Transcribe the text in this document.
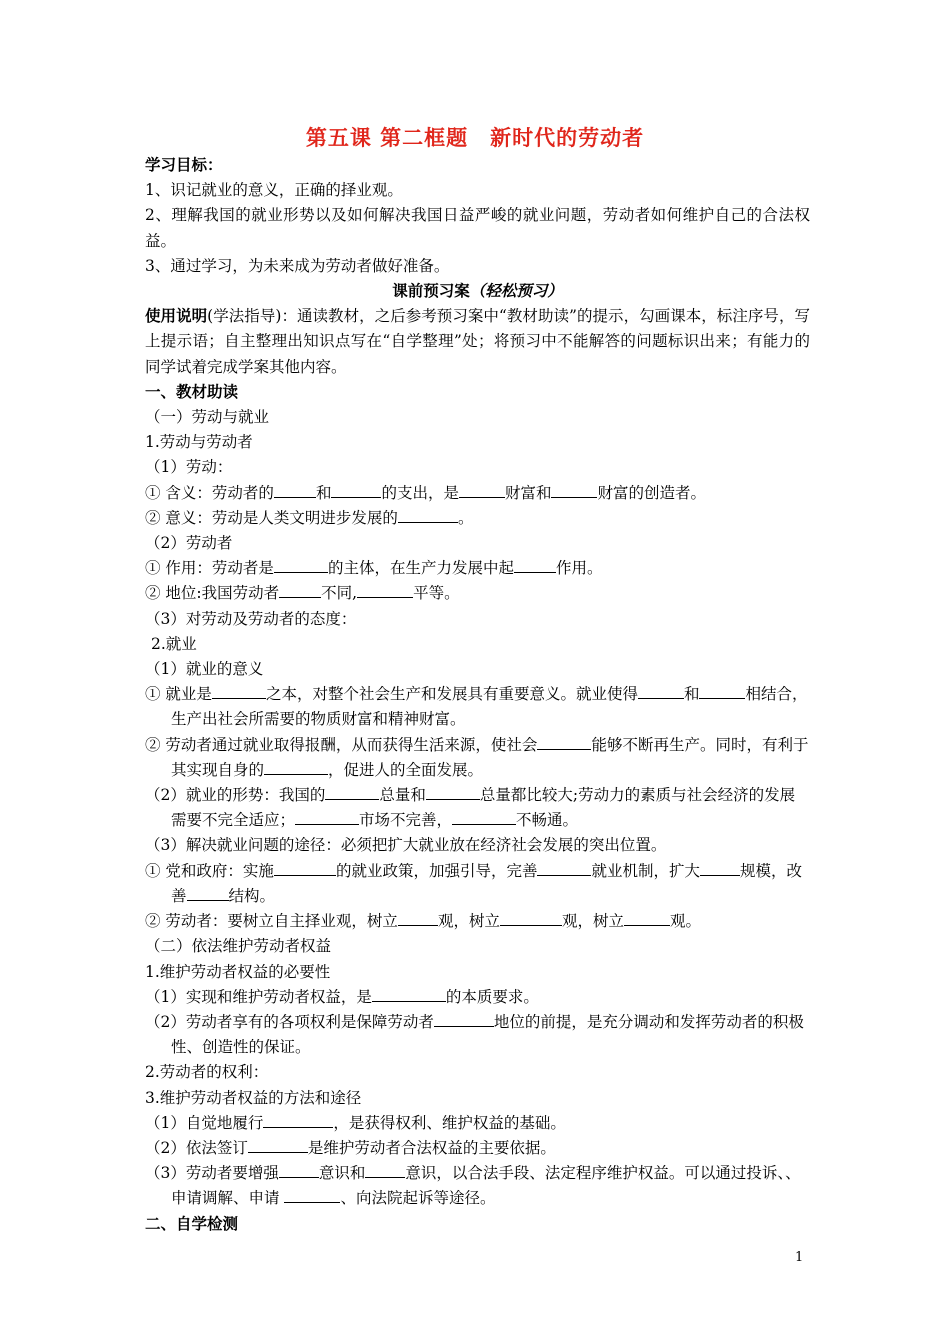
第五课 第二框题　新时代的劳动者
学习目标：
1、识记就业的意义，正确的择业观。
2、理解我国的就业形势以及如何解决我国日益严峻的就业问题，劳动者如何维护自己的合法权益。
3、通过学习，为未来成为劳动者做好准备。
课前预习案（轻松预习）
使用说明(学法指导)：通读教材，之后参考预习案中“教材助读”的提示，勾画课本，标注序号，写上提示语；自主整理出知识点写在“自学整理”处；将预习中不能解答的问题标识出来；有能力的同学试着完成学案其他内容。
一、教材助读
（一）劳动与就业
1.劳动与劳动者
（1）劳动：
① 含义：劳动者的	和	的支出，是	财富和	财富的创造者。
② 意义：劳动是人类文明进步发展的	。
（2）劳动者
① 作用：劳动者是	的主体，在生产力发展中起	作用。
② 地位:我国劳动者	不同,	平等。
（3）对劳动及劳动者的态度：
2.就业
（1）就业的意义
① 就业是	之本，对整个社会生产和发展具有重要意义。就业使得	和	相结合，生产出社会所需要的物质财富和精神财富。
② 劳动者通过就业取得报酬，从而获得生活来源，使社会	能够不断再生产。同时，有利于其实现自身的	，促进人的全面发展。
（2）就业的形势：我国的	总量和	总量都比较大;劳动力的素质与社会经济的发展需要不完全适应；	市场不完善，	不畅通。
（3）解决就业问题的途径：必须把扩大就业放在经济社会发展的突出位置。
① 党和政府：实施	的就业政策，加强引导，完善	就业机制，扩大	规模，改善	结构。
② 劳动者：要树立自主择业观，树立	观，树立	观，树立	观。
（二）依法维护劳动者权益
1.维护劳动者权益的必要性
（1）实现和维护劳动者权益，是	的本质要求。
（2）劳动者享有的各项权利是保障劳动者	地位的前提，是充分调动和发挥劳动者的积极性、创造性的保证。
2.劳动者的权利：
3.维护劳动者权益的方法和途径
（1）自觉地履行	，是获得权利、维护权益的基础。
（2）依法签订	是维护劳动者合法权益的主要依据。
（3）劳动者要增强	意识和	意识，以合法手段、法定程序维护权益。可以通过投诉、、申请调解、申请	、向法院起诉等途径。
二、自学检测
1
